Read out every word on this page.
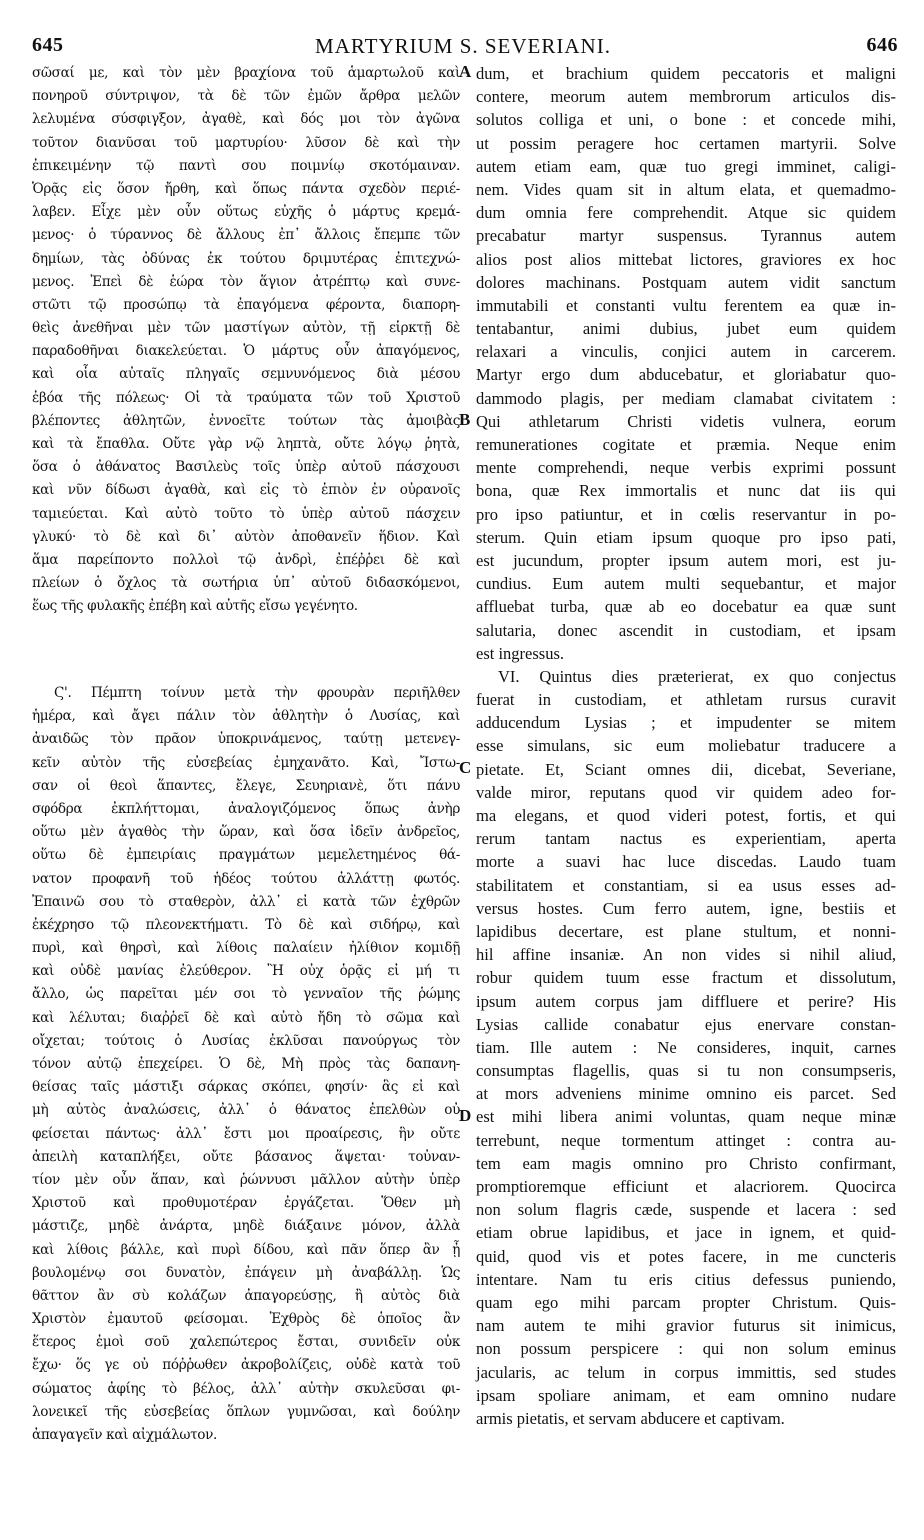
645	MARTYRIUM S. SEVERIANI.	646
σῶσαί με, καὶ τὸν μὲν βραχίονα τοῦ ἁμαρτωλοῦ καὶ
πονηροῦ σύντριψον, τὰ δὲ τῶν ἐμῶν ἄρθρα μελῶν
λελυμένα σύσφιγξον, ἀγαθὲ, καὶ δός μοι τὸν ἀγῶνα
τοῦτον διανῦσαι τοῦ μαρτυρίου· λῦσον δὲ καὶ τὴν
ἐπικειμένην τῷ παντὶ σου ποιμνίῳ σκοτόμαιναν.
Ὁρᾷς εἰς ὅσον ἤρθη, καὶ ὅπως πάντα σχεδὸν περιέ-
λαβεν. Εἶχε μὲν οὖν οὕτως εὐχῆς ὁ μάρτυς κρεμά-
μενος· ὁ τύραννος δὲ ἄλλους ἐπ᾿ ἄλλοις ἔπεμπε τῶν
δημίων, τὰς ὀδύνας ἐκ τούτου δριμυτέρας ἐπιτεχνώ-
μενος. Ἐπεὶ δὲ ἑώρα τὸν ἅγιον ἀτρέπτῳ καὶ συνε-
στῶτι τῷ προσώπῳ τὰ ἐπαγόμενα φέροντα, διαπορη-
θεὶς ἀνεθῆναι μὲν τῶν μαστίγων αὐτὸν, τῇ εἱρκτῇ δὲ
παραδοθῆναι διακελεύεται. Ὁ μάρτυς οὖν ἀπαγόμενος,
καὶ οἷα αὐταῖς πληγαῖς σεμνυνόμενος διὰ μέσου
ἐβόα τῆς πόλεως· Οἱ τὰ τραύματα τῶν τοῦ Χριστοῦ
βλέποντες ἀθλητῶν, ἐννοεῖτε τούτων τὰς ἀμοιβὰς
καὶ τὰ ἔπαθλα. Οὔτε γὰρ νῷ ληπτὰ, οὔτε λόγῳ ῥητὰ,
ὅσα ὁ ἀθάνατος Βασιλεὺς τοῖς ὑπὲρ αὐτοῦ πάσχουσι
καὶ νῦν δίδωσι ἀγαθὰ, καὶ εἰς τὸ ἑπιὸν ἐν οὐρανοῖς
ταμιεύεται. Καὶ αὐτὸ τοῦτο τὸ ὑπὲρ αὐτοῦ πάσχειν
γλυκύ· τὸ δὲ καὶ δι᾿ αὐτὸν ἀποθανεῖν ἥδιον. Καὶ
ἅμα παρείποντο πολλοὶ τῷ ἀνδρὶ, ἐπέῤῥει δὲ καὶ
πλείων ὁ ὄχλος τὰ σωτήρια ὑπ᾿ αὐτοῦ διδασκόμενοι,
ἕως τῆς φυλακῆς ἐπέβη καὶ αὐτῆς εἴσω γεγένητο.
Ϛ'. Πέμπτη τοίνυν μετὰ τὴν φρουρὰν περιῆλθεν
ἡμέρα, καὶ ἄγει πάλιν τὸν ἀθλητὴν ὁ Λυσίας, καὶ
ἀναιδῶς τὸν πρᾶον ὑποκρινάμενος, ταύτῃ μετενεγ-
κεῖν αὐτὸν τῆς εὐσεβείας ἐμηχανᾶτο. Καὶ, Ἴστω-
σαν οἱ θεοὶ ἅπαντες, ἔλεγε, Σευηριανὲ, ὅτι πάνυ
σφόδρα ἐκπλήττομαι, ἀναλογιζόμενος ὅπως ἀνὴρ
οὕτω μὲν ἀγαθὸς τὴν ὥραν, καὶ ὅσα ἰδεῖν ἀνδρεῖος,
οὕτω δὲ ἐμπειρίαις πραγμάτων μεμελετημένος θά-
νατον προφανῆ τοῦ ἡδέος τούτου ἀλλάττῃ φωτός.
Ἐπαινῶ σου τὸ σταθερὸν, ἀλλ᾿ εἰ κατὰ τῶν ἐχθρῶν
ἐκέχρησο τῷ πλεονεκτήματι. Τὸ δὲ καὶ σιδήρῳ, καὶ
πυρὶ, καὶ θηρσὶ, καὶ λίθοις παλαίειν ἠλίθιον κομιδῇ
καὶ οὐδὲ μανίας ἐλεύθερον. Ἢ οὐχ ὁρᾷς εἰ μή τι
ἄλλο, ὡς παρεῖται μέν σοι τὸ γενναῖον τῆς ῥώμης
καὶ λέλυται; διαῤῥεῖ δὲ καὶ αὐτὸ ἤδη τὸ σῶμα καὶ
οἴχεται; τούτοις ὁ Λυσίας ἐκλῦσαι πανούργως τὸν
τόνον αὐτῷ ἐπεχείρει. Ὁ δὲ, Μὴ πρὸς τὰς δαπανη-
θείσας ταῖς μάστιξι σάρκας σκόπει, φησίν· ἃς εἰ καὶ
μὴ αὐτὸς ἀναλώσεις, ἀλλ᾿ ὁ θάνατος ἐπελθὼν οὐ
φείσεται πάντως· ἀλλ᾿ ἔστι μοι προαίρεσις, ἣν οὔτε
ἀπειλὴ καταπλήξει, οὔτε βάσανος ἅψεται· τοὐναν-
τίον μὲν οὖν ἅπαν, καὶ ῥώννυσι μᾶλλον αὐτὴν ὑπὲρ
Χριστοῦ καὶ προθυμοτέραν ἐργάζεται. Ὅθεν μὴ
μάστιζε, μηδὲ ἀνάρτα, μηδὲ διάξαινε μόνον, ἀλλὰ
καὶ λίθοις βάλλε, καὶ πυρὶ δίδου, καὶ πᾶν ὅπερ ἂν ᾖ
βουλομένῳ σοι δυνατὸν, ἐπάγειν μὴ ἀναβάλλῃ. Ὡς
θᾶττον ἂν σὺ κολάζων ἀπαγορεύσῃς, ἢ αὐτὸς διὰ
Χριστὸν ἐμαυτοῦ φείσομαι. Ἐχθρὸς δὲ ὁποῖος ἂν
ἕτερος ἐμοὶ σοῦ χαλεπώτερος ἔσται, συνιδεῖν οὐκ
ἔχω· ὅς γε οὐ πόῤῥωθεν ἀκροβολίζεις, οὐδὲ κατὰ τοῦ
σώματος ἀφίης τὸ βέλος, ἀλλ᾿ αὐτὴν σκυλεῦσαι φι-
λονεικεῖ τῆς εὐσεβείας ὅπλων γυμνῶσαι, καὶ δούλην
ἀπαγαγεῖν καὶ αἰχμάλωτον.
dum, et brachium quidem peccatoris et maligni
contere, meorum autem membrorum articulos dis-
solutos colliga et uni, o bone : et concede mihi,
ut possim peragere hoc certamen martyrii. Solve
autem etiam eam, quæ tuo gregi imminet, caligi-
nem. Vides quam sit in altum elata, et quemadmo-
dum omnia fere comprehendit. Atque sic quidem
precabatur martyr suspensus. Tyrannus autem
alios post alios mittebat lictores, graviores ex hoc
dolores machinans. Postquam autem vidit sanctum
immutabili et constanti vultu ferentem ea quæ in-
tentabantur, animi dubius, jubet eum quidem
relaxari a vinculis, conjici autem in carcerem.
Martyr ergo dum abducebatur, et gloriabatur quo-
dammodo plagis, per mediam clamabat civitatem :
Qui athletarum Christi videtis vulnera, eorum
remunerationes cogitate et præmia. Neque enim
mente comprehendi, neque verbis exprimi possunt
bona, quæ Rex immortalis et nunc dat iis qui
pro ipso patiuntur, et in cœlis reservantur in po-
sterum. Quin etiam ipsum quoque pro ipso pati,
est jucundum, propter ipsum autem mori, est ju-
cundius. Eum autem multi sequebantur, et major
affluebat turba, quæ ab eo docebatur ea quæ sunt
salutaria, donec ascendit in custodiam, et ipsam
est ingressus.
VI. Quintus dies præterierat, ex quo conjectus
fuerat in custodiam, et athletam rursus curavit
adducendum Lysias ; et impudenter se mitem
esse simulans, sic eum moliebatur traducere a
pietate. Et, Sciant omnes dii, dicebat, Severiane,
valde miror, reputans quod vir quidem adeo for-
ma elegans, et quod videri potest, fortis, et qui
rerum tantam nactus es experientiam, aperta
morte a suavi hac luce discedas. Laudo tuam
stabilitatem et constantiam, si ea usus esses ad-
versus hostes. Cum ferro autem, igne, bestiis et
lapidibus decertare, est plane stultum, et nonni-
hil affine insaniæ. An non vides si nihil aliud,
robur quidem tuum esse fractum et dissolutum,
ipsum autem corpus jam diffluere et perire? His
Lysias callide conabatur ejus enervare constan-
tiam. Ille autem : Ne consideres, inquit, carnes
consumptas flagellis, quas si tu non consumpseris,
at mors adveniens minime omnino eis parcet. Sed
est mihi libera animi voluntas, quam neque minæ
terrebunt, neque tormentum attinget : contra au-
tem eam magis omnino pro Christo confirmant,
promptioremque efficiunt et alacriorem. Quocirca
non solum flagris cæde, suspende et lacera : sed
etiam obrue lapidibus, et jace in ignem, et quid-
quid, quod vis et potes facere, in me cuncteris
intentare. Nam tu eris citius defessus puniendo,
quam ego mihi parcam propter Christum. Quis-
nam autem te mihi gravior futurus sit inimicus,
non possum perspicere : qui non solum eminus
jacularis, ac telum in corpus immittis, sed studes
ipsam spoliare animam, et eam omnino nudare
armis pietatis, et servam abducere et captivam.
A
B
C
D
